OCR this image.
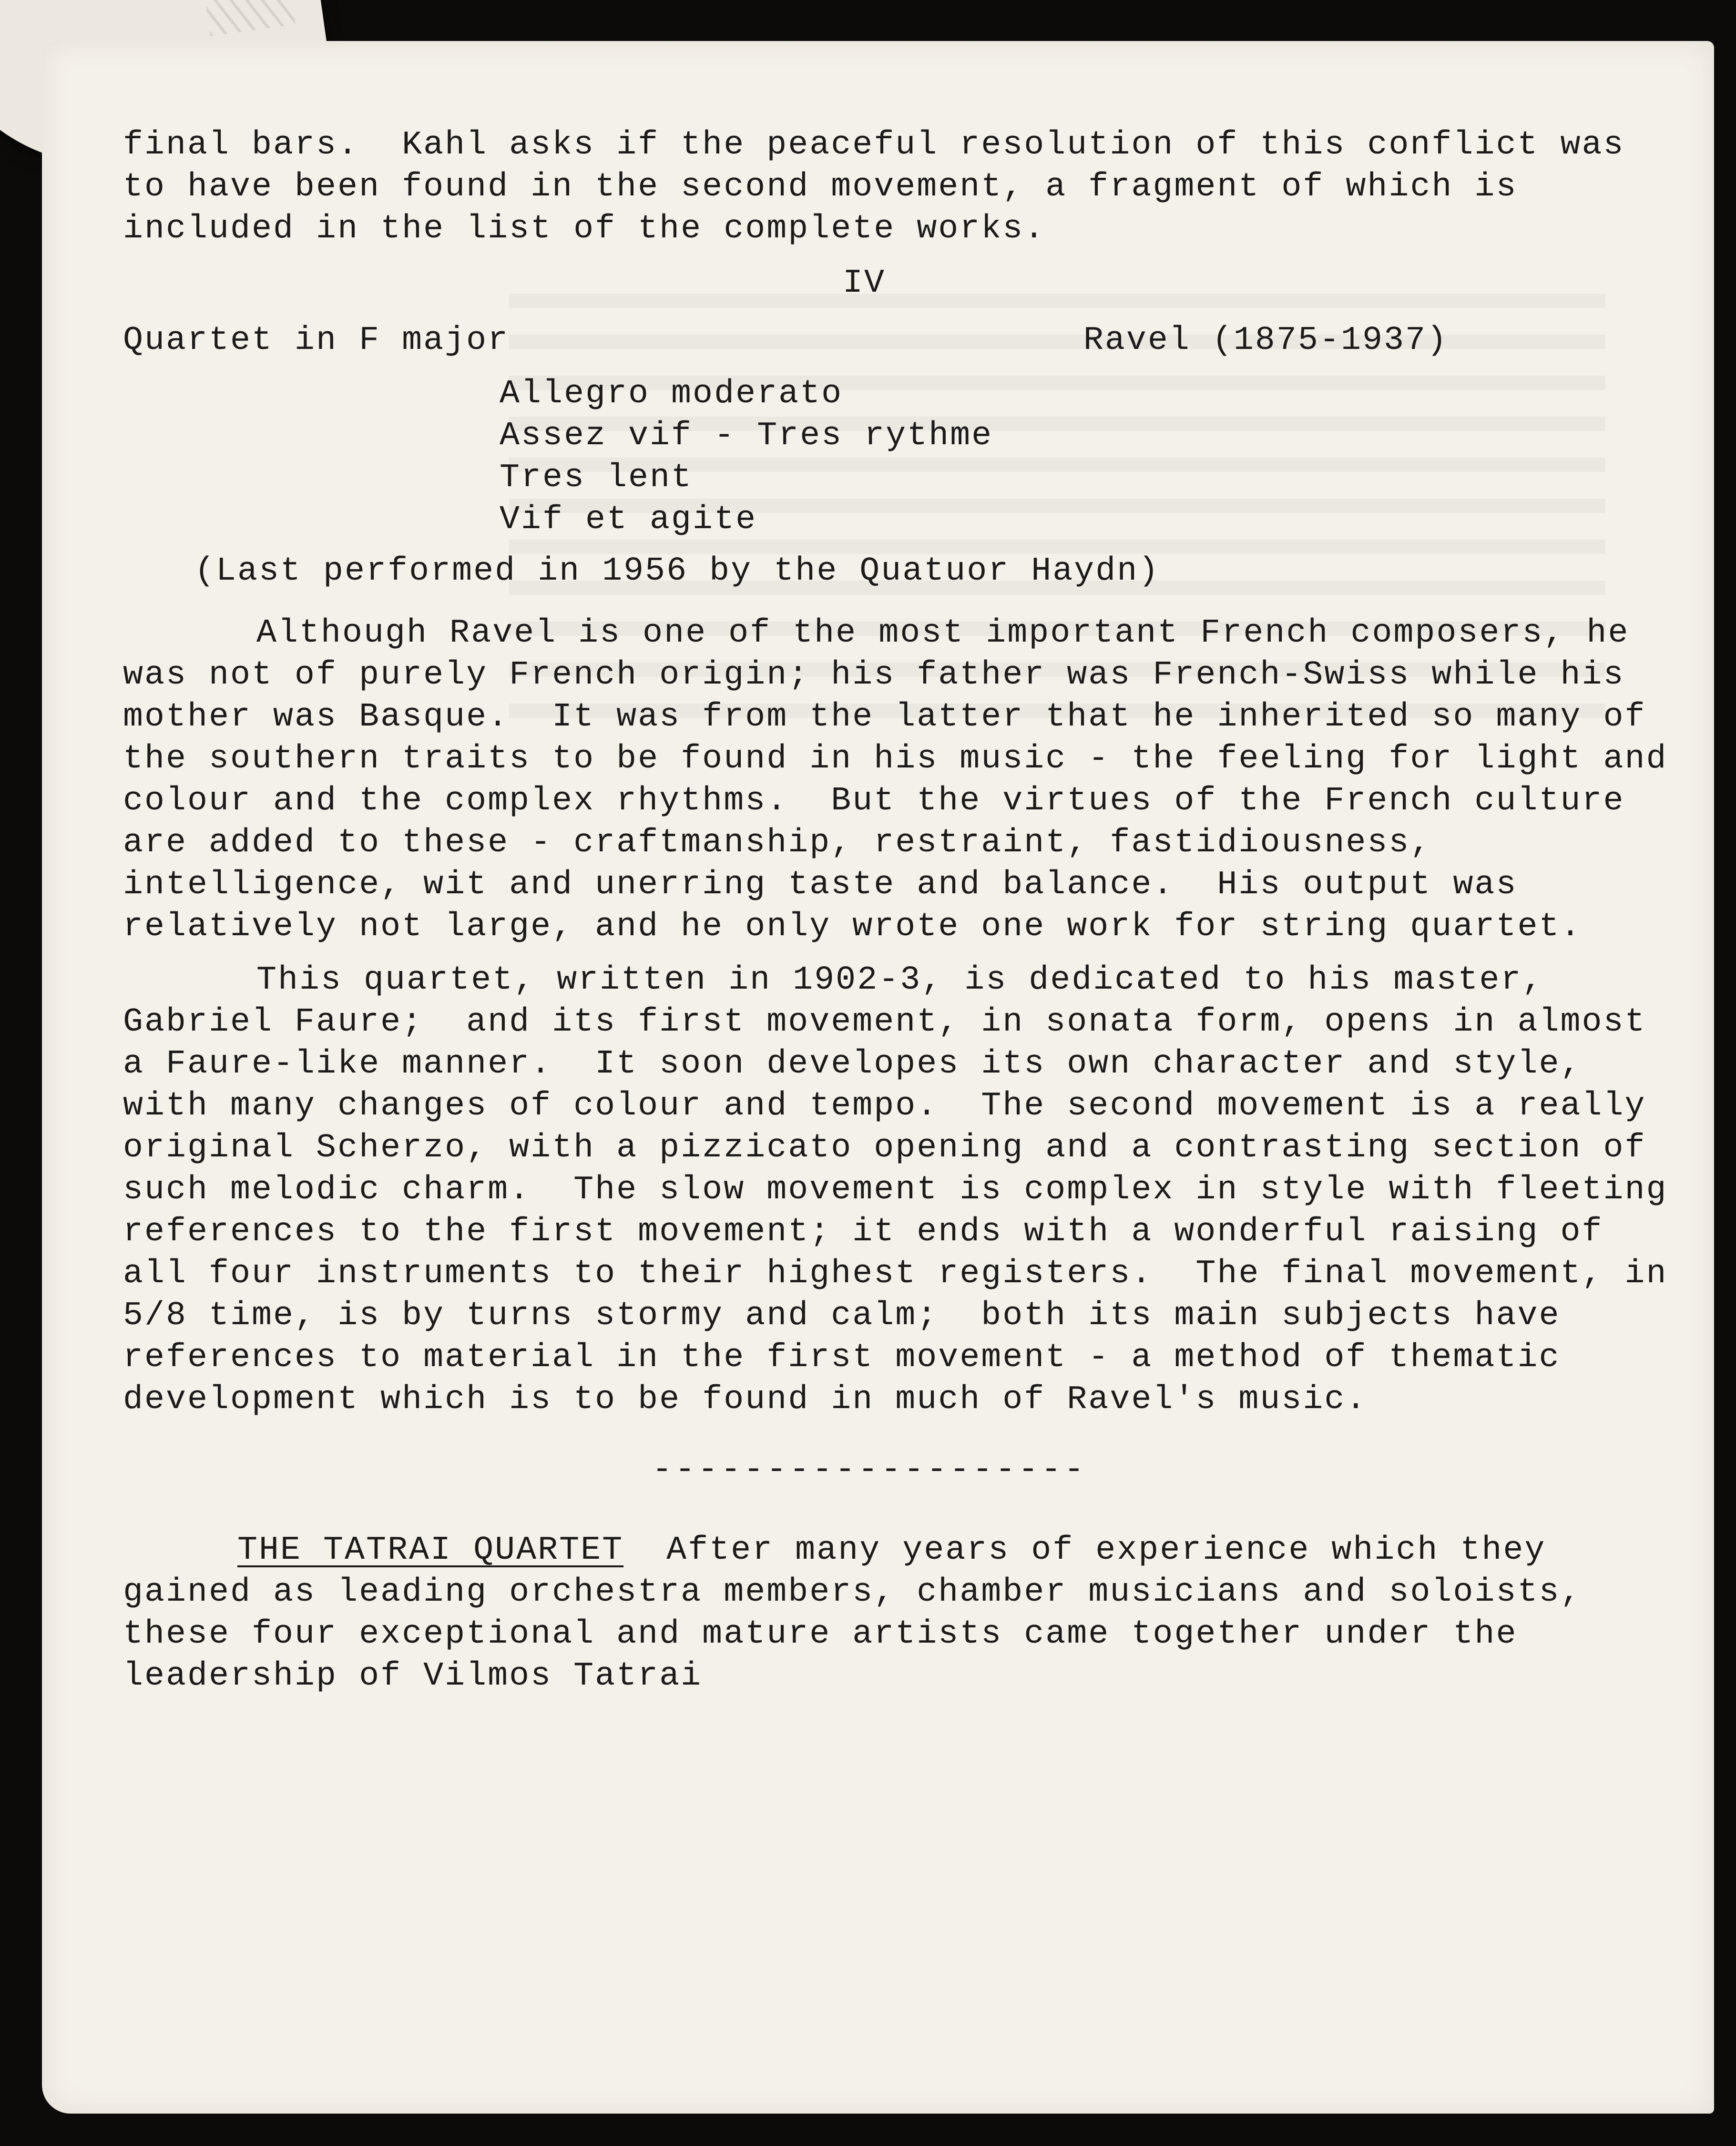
final bars.  Kahl asks if the peaceful resolution of this conflict was to have been found in the second movement, a fragment of which is included in the list of the complete works.

IV
Quartet in F major	Ravel (1875-1937)
Allegro moderato
Assez vif - Tres rythme
Tres lent
Vif et agite
(Last performed in 1956 by the Quatuor Haydn)

Although Ravel is one of the most important French composers, he was not of purely French origin; his father was French-Swiss while his mother was Basque.  It was from the latter that he inherited so many of the southern traits to be found in his music - the feeling for light and colour and the complex rhythms.  But the virtues of the French culture are added to these - craftmanship, restraint, fastidiousness, intelligence, wit and unerring taste and balance.  His output was relatively not large, and he only wrote one work for string quartet.

This quartet, written in 1902-3, is dedicated to his master, Gabriel Faure;  and its first movement, in sonata form, opens in almost a Faure-like manner.  It soon developes its own character and style, with many changes of colour and tempo.  The second movement is a really original Scherzo, with a pizzicato opening and a contrasting section of such melodic charm.  The slow movement is complex in style with fleeting references to the first movement; it ends with a wonderful raising of all four instruments to their highest registers.  The final movement, in 5/8 time, is by turns stormy and calm;  both its main subjects have references to material in the first movement - a method of thematic development which is to be found in much of Ravel's music.

-------------------

THE TATRAI QUARTET  After many years of experience which they gained as leading orchestra members, chamber musicians and soloists, these four exceptional and mature artists came together under the leadership of Vilmos Tatrai
